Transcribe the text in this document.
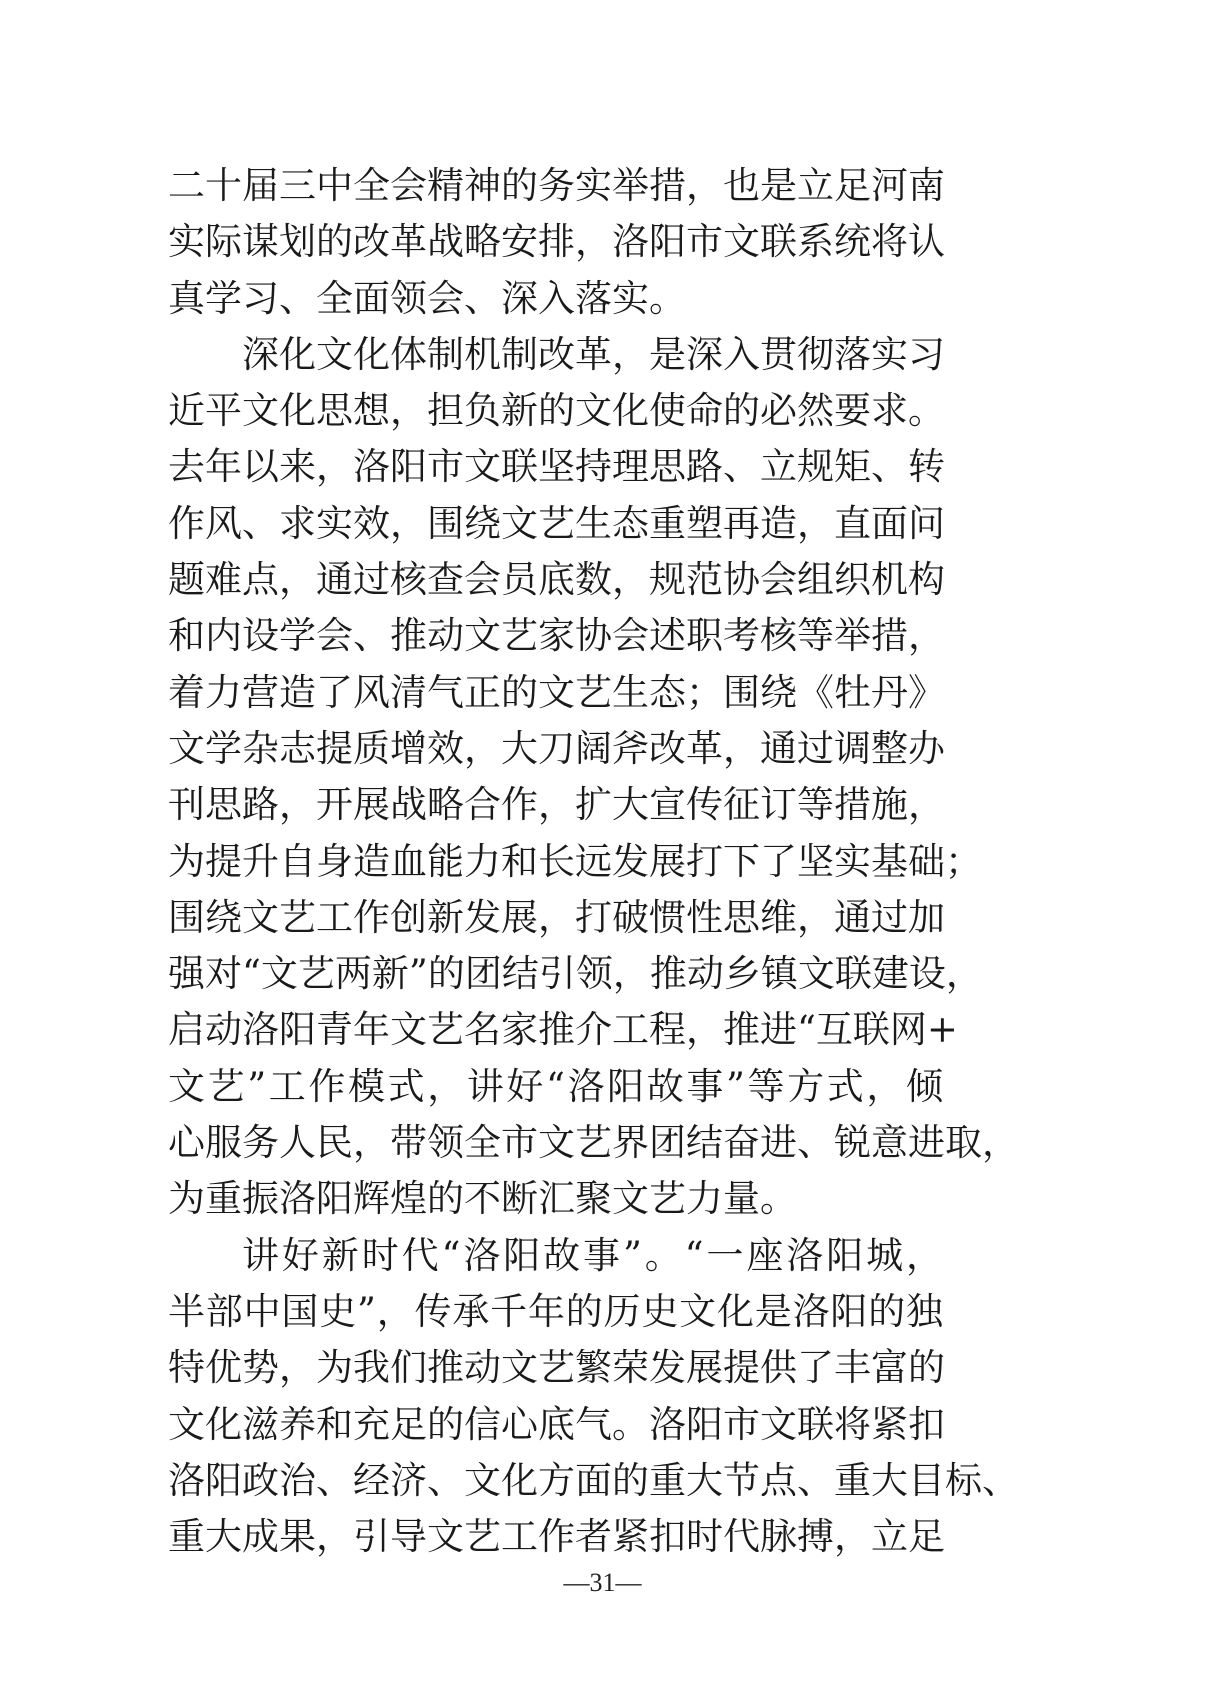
二十届三中全会精神的务实举措，也是立足河南
实际谋划的改革战略安排，洛阳市文联系统将认
真学习、全面领会、深入落实。
深化文化体制机制改革，是深入贯彻落实习
近平文化思想，担负新的文化使命的必然要求。
去年以来，洛阳市文联坚持理思路、立规矩、转
作风、求实效，围绕文艺生态重塑再造，直面问
题难点，通过核查会员底数，规范协会组织机构
和内设学会、推动文艺家协会述职考核等举措，
着力营造了风清气正的文艺生态；围绕《牡丹》
文学杂志提质增效，大刀阔斧改革，通过调整办
刊思路，开展战略合作，扩大宣传征订等措施，
为提升自身造血能力和长远发展打下了坚实基础；
围绕文艺工作创新发展，打破惯性思维，通过加
强对“文艺两新”的团结引领，推动乡镇文联建设，
启动洛阳青年文艺名家推介工程，推进“互联网+
文艺”工作模式，讲好“洛阳故事”等方式，倾
心服务人民，带领全市文艺界团结奋进、锐意进取，
为重振洛阳辉煌的不断汇聚文艺力量。
讲好新时代“洛阳故事”。“一座洛阳城，
半部中国史”，传承千年的历史文化是洛阳的独
特优势，为我们推动文艺繁荣发展提供了丰富的
文化滋养和充足的信心底气。洛阳市文联将紧扣
洛阳政治、经济、文化方面的重大节点、重大目标、
重大成果，引导文艺工作者紧扣时代脉搏，立足
—31—
